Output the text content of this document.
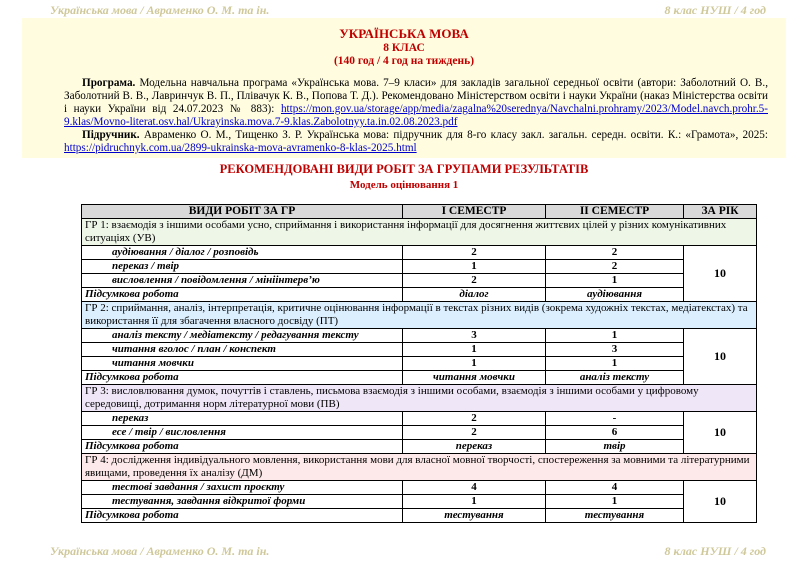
Українська мова / Авраменко О. М. та ін.	8 клас НУШ / 4 год
УКРАЇНСЬКА МОВА
8 КЛАС
(140 год / 4 год на тиждень)

Програма. Модельна навчальна програма «Українська мова. 7–9 класи» для закладів загальної середньої освіти (автори: Заболотний О. В., Заболотний В. В., Лавринчук В. П., Плівачук К. В., Попова Т. Д.). Рекомендовано Міністерством освіти і науки України (наказ Міністерства освіти і науки України від 24.07.2023 № 883): https://mon.gov.ua/storage/app/media/zagalna%20serednya/Navchalni.prohramy/2023/Model.navch.prohr.5-9.klas/Movno-literat.osv.hal/Ukrayinska.mova.7-9.klas.Zabolotnyy.ta.in.02.08.2023.pdf

Підручник. Авраменко О. М., Тищенко З. Р. Українська мова: підручник для 8-го класу закл. загальн. середн. освіти. К.: «Грамота», 2025: https://pidruchnyk.com.ua/2899-ukrainska-mova-avramenko-8-klas-2025.html

РЕКОМЕНДОВАНІ ВИДИ РОБІТ ЗА ГРУПАМИ РЕЗУЛЬТАТІВ
Модель оцінювання 1
ВИДИ РОБІТ ЗА ГР	І СЕМЕСТР	ІІ СЕМЕСТР	ЗА РІК
ГР 1: взаємодія з іншими особами усно, сприймання і використання інформації для досягнення життєвих цілей у різних комунікативних ситуаціях (УВ)			
аудіювання / діалог / розповідь	2	2	10
переказ / твір	1	2	
висловлення / повідомлення / мініінтерв’ю	2	1	
Підсумкова робота	діалог	аудіювання	
ГР 2: сприймання, аналіз, інтерпретація, критичне оцінювання інформації в текстах різних видів (зокрема художніх текстах, медіатекстах) та використання її для збагачення власного досвіду (ПТ)			
аналіз тексту / медіатексту / редагування тексту	3	1	10
читання вголос / план / конспект	1	3	
читання мовчки	1	1	
Підсумкова робота	читання мовчки	аналіз тексту	
ГР 3: висловлювання думок, почуттів і ставлень, письмова взаємодія з іншими особами, взаємодія з іншими особами у цифровому середовищі, дотримання норм літературної мови (ПВ)			
переказ	2	-	10
есе / твір / висловлення	2	6	
Підсумкова робота	переказ	твір	
ГР 4: дослідження індивідуального мовлення, використання мови для власної мовної творчості, спостереження за мовними та літературними явищами, проведення їх аналізу (ДМ)			
тестові завдання / захист проєкту	4	4	10
тестування, завдання відкритої форми	1	1	
Підсумкова робота	тестування	тестування	
Українська мова / Авраменко О. М. та ін.	8 клас НУШ / 4 год
